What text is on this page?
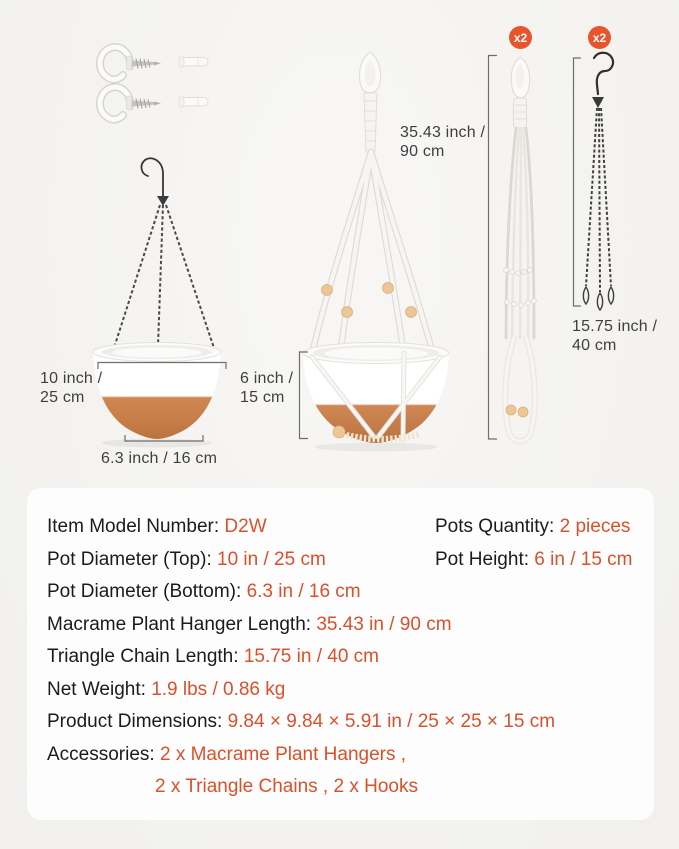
x2	x2
35.43 inch /
90 cm
10 inch /
25 cm
6 inch /
15 cm
6.3 inch / 16 cm
15.75 inch /
40 cm
Item Model Number: D2W	Pots Quantity: 2 pieces
Pot Diameter (Top): 10 in / 25 cm	Pot Height: 6 in / 15 cm
Pot Diameter (Bottom): 6.3 in / 16 cm
Macrame Plant Hanger Length: 35.43 in / 90 cm
Triangle Chain Length: 15.75 in / 40 cm
Net Weight: 1.9 lbs / 0.86 kg
Product Dimensions: 9.84 × 9.84 × 5.91 in / 25 × 25 × 15 cm
Accessories: 2 x Macrame Plant Hangers ,
2 x Triangle Chains , 2 x Hooks
